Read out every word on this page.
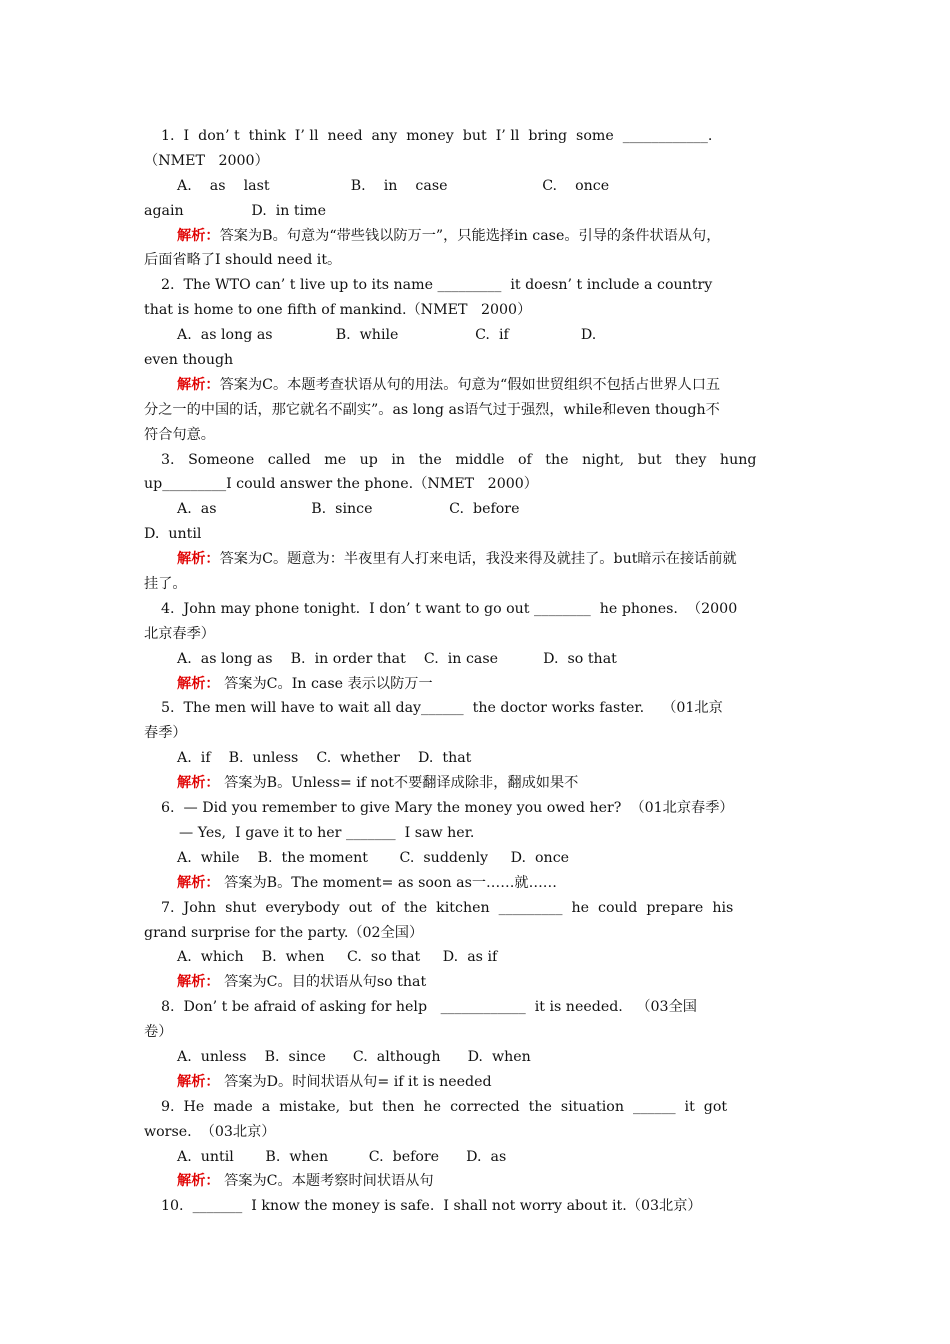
1.  I  don’ t  think  I’ ll  need  any  money  but  I’ ll  bring  some  ____________.
（NMET   2000）
A.    as    last                  B.    in    case                     C.    once
again               D.  in time
解析：答案为B。句意为“带些钱以防万一”，只能选择in case。引导的条件状语从句，
后面省略了I should need it。
2.  The WTO can’ t live up to its name _________  it doesn’ t include a country
that is home to one fifth of mankind.（NMET   2000）
A.  as long as              B.  while                 C.  if                D.
even though
解析：答案为C。本题考查状语从句的用法。句意为“假如世贸组织不包括占世界人口五
分之一的中国的话，那它就名不副实”。as long as语气过于强烈，while和even though不
符合句意。
3.   Someone   called   me   up   in   the   middle   of   the   night,   but   they   hung
up_________I could answer the phone.（NMET   2000）
A.  as                     B.  since                 C.  before
D.  until
解析：答案为C。题意为：半夜里有人打来电话，我没来得及就挂了。but暗示在接话前就
挂了。
4.  John may phone tonight.  I don’ t want to go out ________  he phones.  （2000
北京春季）
A.  as long as    B.  in order that    C.  in case          D.  so that
解析： 答案为C。In case 表示以防万一
5.  The men will have to wait all day______  the doctor works faster.    （01北京
春季）
A.  if    B.  unless    C.  whether    D.  that
解析： 答案为B。Unless= if not不要翻译成除非，翻成如果不
6.  — Did you remember to give Mary the money you owed her?  （01北京春季）
— Yes,  I gave it to her _______  I saw her.
A.  while    B.  the moment       C.  suddenly     D.  once
解析： 答案为B。The moment= as soon as一……就……
7.  John  shut  everybody  out  of  the  kitchen  _________  he  could  prepare  his
grand surprise for the party.（02全国）
A.  which    B.  when     C.  so that     D.  as if
解析： 答案为C。目的状语从句so that
8.  Don’ t be afraid of asking for help   ____________  it is needed.   （03全国
卷）
A.  unless    B.  since      C.  although      D.  when
解析： 答案为D。时间状语从句= if it is needed
9.  He  made  a  mistake,  but  then  he  corrected  the  situation  ______  it  got
worse.  （03北京）
A.  until       B.  when         C.  before      D.  as
解析： 答案为C。本题考察时间状语从句
10.  _______  I know the money is safe.  I shall not worry about it.（03北京）
